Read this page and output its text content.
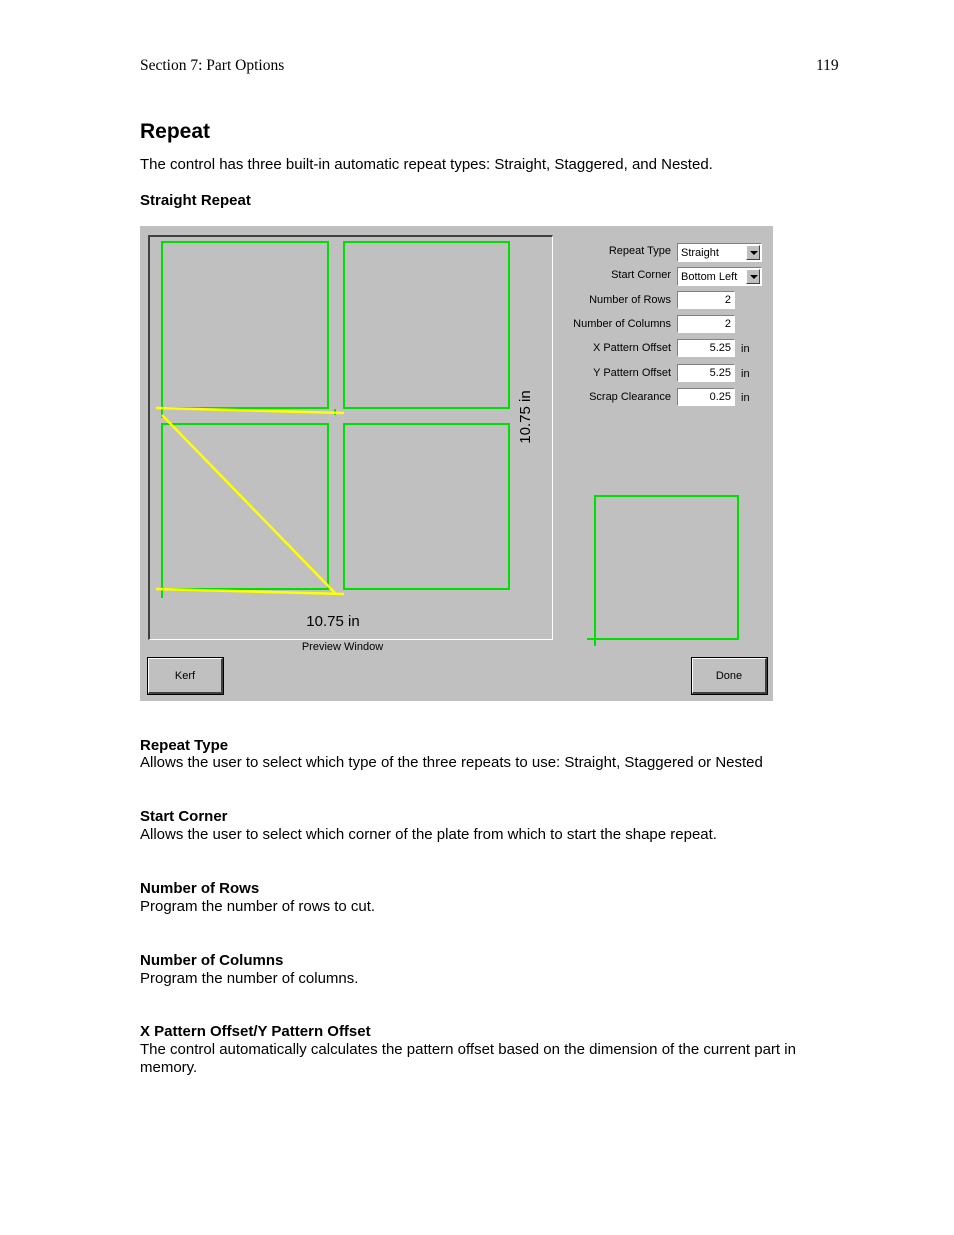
Section 7: Part Options	119
Repeat
The control has three built-in automatic repeat types: Straight, Staggered, and Nested.
Straight Repeat
10.75 in
10.75 in
Preview Window
Repeat Type Straight
Start Corner Bottom Left
Number of Rows	2
Number of Columns	2
X Pattern Offset	5.25 in
Y Pattern Offset	5.25 in
Scrap Clearance	0.25 in
Kerf	Done
Repeat Type
Allows the user to select which type of the three repeats to use: Straight, Staggered or Nested
Start Corner
Allows the user to select which corner of the plate from which to start the shape repeat.
Number of Rows
Program the number of rows to cut.
Number of Columns
Program the number of columns.
X Pattern Offset/Y Pattern Offset
The control automatically calculates the pattern offset based on the dimension of the current part in memory.
